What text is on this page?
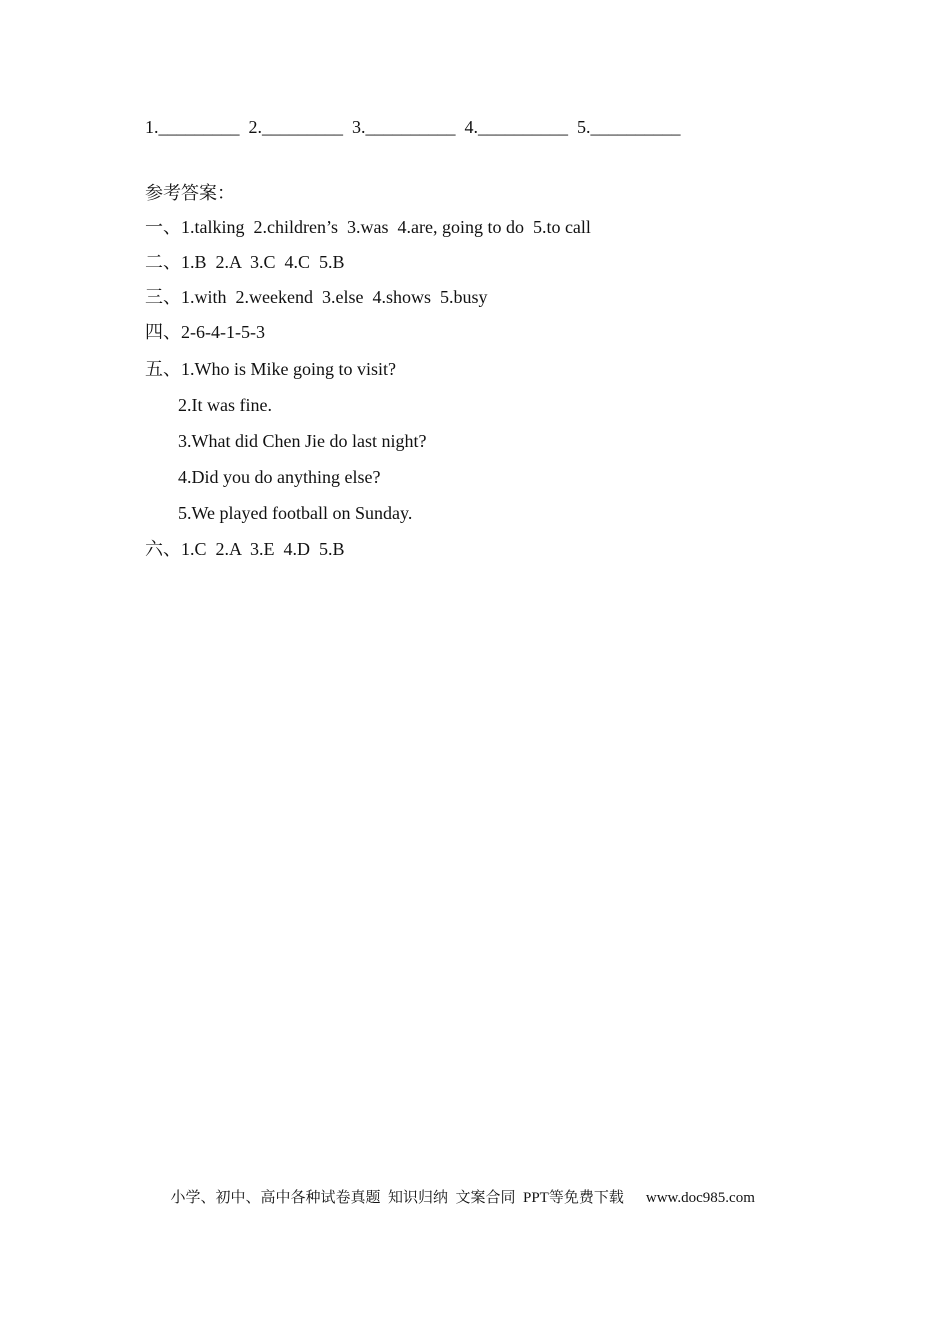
1._________  2._________  3.__________  4.__________  5.__________
参考答案：
一、1.talking  2.children’s  3.was  4.are, going to do  5.to call
二、1.B  2.A  3.C  4.C  5.B
三、1.with  2.weekend  3.else  4.shows  5.busy
四、2-6-4-1-5-3
五、1.Who is Mike going to visit?
2.It was fine.
3.What did Chen Jie do last night?
4.Did you do anything else?
5.We played football on Sunday.
六、1.C  2.A  3.E  4.D  5.B

小学、初中、高中各种试卷真题  知识归纳  文案合同  PPT等免费下载 www.doc985.com
